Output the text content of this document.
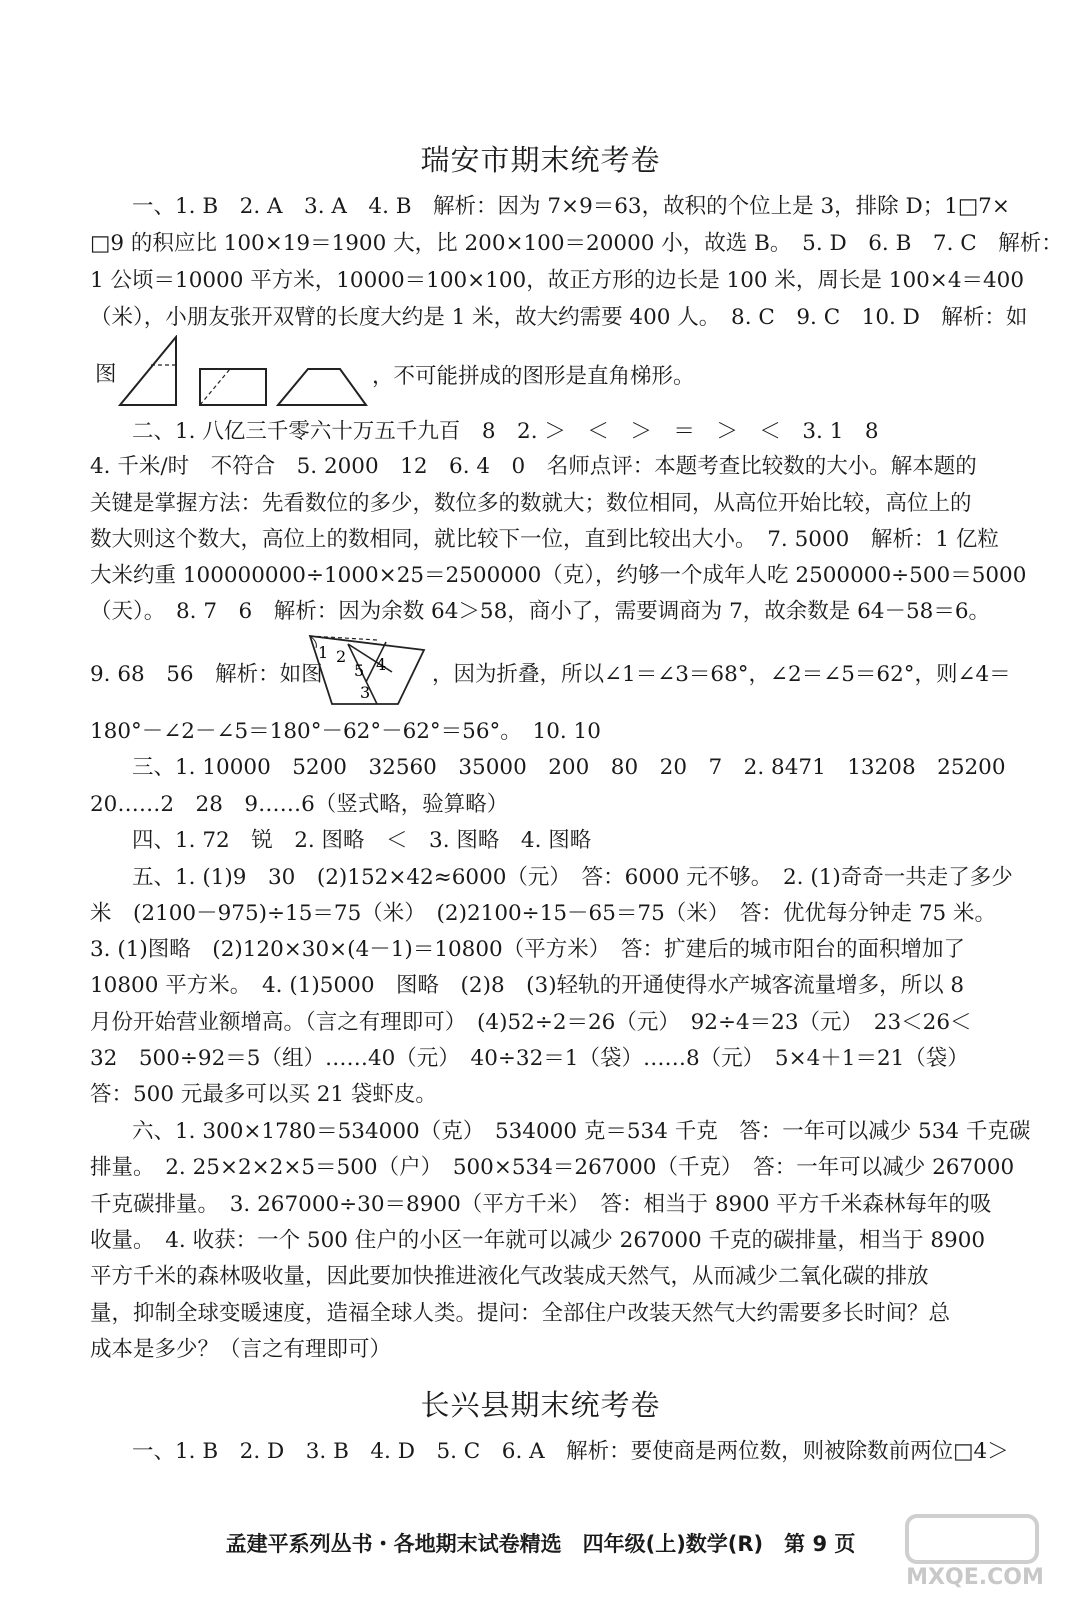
瑞安市期末统考卷
一、1. B　2. A　3. A　4. B　解析：因为 7×9＝63，故积的个位上是 3，排除 D；1□7×
□9 的积应比 100×19＝1900 大，比 200×100＝20000 小，故选 B。　5. D　6. B　7. C　解析：
1 公顷＝10000 平方米，10000＝100×100，故正方形的边长是 100 米，周长是 100×4＝400
（米），小朋友张开双臂的长度大约是 1 米，故大约需要 400 人。　8. C　9. C　10. D　解析：如
图	，不可能拼成的图形是直角梯形。
二、1. 八亿三千零六十万五千九百　8　2. ＞　＜　＞　＝　＞　＜　3. 1　8
4. 千米/时　不符合　5. 2000　12　6. 4　0　名师点评：本题考查比较数的大小。解本题的
关键是掌握方法：先看数位的多少，数位多的数就大；数位相同，从高位开始比较，高位上的
数大则这个数大，高位上的数相同，就比较下一位，直到比较出大小。　7. 5000　解析：1 亿粒
大米约重 100000000÷1000×25＝2500000（克），约够一个成年人吃 2500000÷500＝5000
（天）。　8. 7　6　解析：因为余数 64＞58，商小了，需要调商为 7，故余数是 64－58＝6。
9. 68　56　解析：如图
1 2
5 4
3
，因为折叠，所以∠1＝∠3＝68°，∠2＝∠5＝62°，则∠4＝
180°－∠2－∠5＝180°－62°－62°＝56°。　10. 10
三、1. 10000　5200　32560　35000　200　80　20　7　2. 8471　13208　25200
20……2　28　9……6（竖式略，验算略）
四、1. 72　锐　2. 图略　＜　3. 图略　4. 图略
五、1. (1)9　30　(2)152×42≈6000（元）　答：6000 元不够。　2. (1)奇奇一共走了多少
米　(2100－975)÷15＝75（米）　(2)2100÷15－65＝75（米）　答：优优每分钟走 75 米。
3. (1)图略　(2)120×30×(4－1)＝10800（平方米）　答：扩建后的城市阳台的面积增加了
10800 平方米。　4. (1)5000　图略　(2)8　(3)轻轨的开通使得水产城客流量增多，所以 8
月份开始营业额增高。（言之有理即可）　(4)52÷2＝26（元）　92÷4＝23（元）　23＜26＜
32　500÷92＝5（组）……40（元）　40÷32＝1（袋）……8（元）　5×4＋1＝21（袋）
答：500 元最多可以买 21 袋虾皮。
六、1. 300×1780＝534000（克）　534000 克＝534 千克　答：一年可以减少 534 千克碳
排量。　2. 25×2×2×5＝500（户）　500×534＝267000（千克）　答：一年可以减少 267000
千克碳排量。　3. 267000÷30＝8900（平方千米）　答：相当于 8900 平方千米森林每年的吸
收量。　4. 收获：一个 500 住户的小区一年就可以减少 267000 千克的碳排量，相当于 8900
平方千米的森林吸收量，因此要加快推进液化气改装成天然气，从而减少二氧化碳的排放
量，抑制全球变暖速度，造福全球人类。提问：全部住户改装天然气大约需要多长时间？总
成本是多少？（言之有理即可）
长兴县期末统考卷
一、1. B　2. D　3. B　4. D　5. C　6. A　解析：要使商是两位数，则被除数前两位□4＞
孟建平系列丛书・各地期末试卷精选　四年级(上)数学(R)　第 9 页
MXQE.COM
